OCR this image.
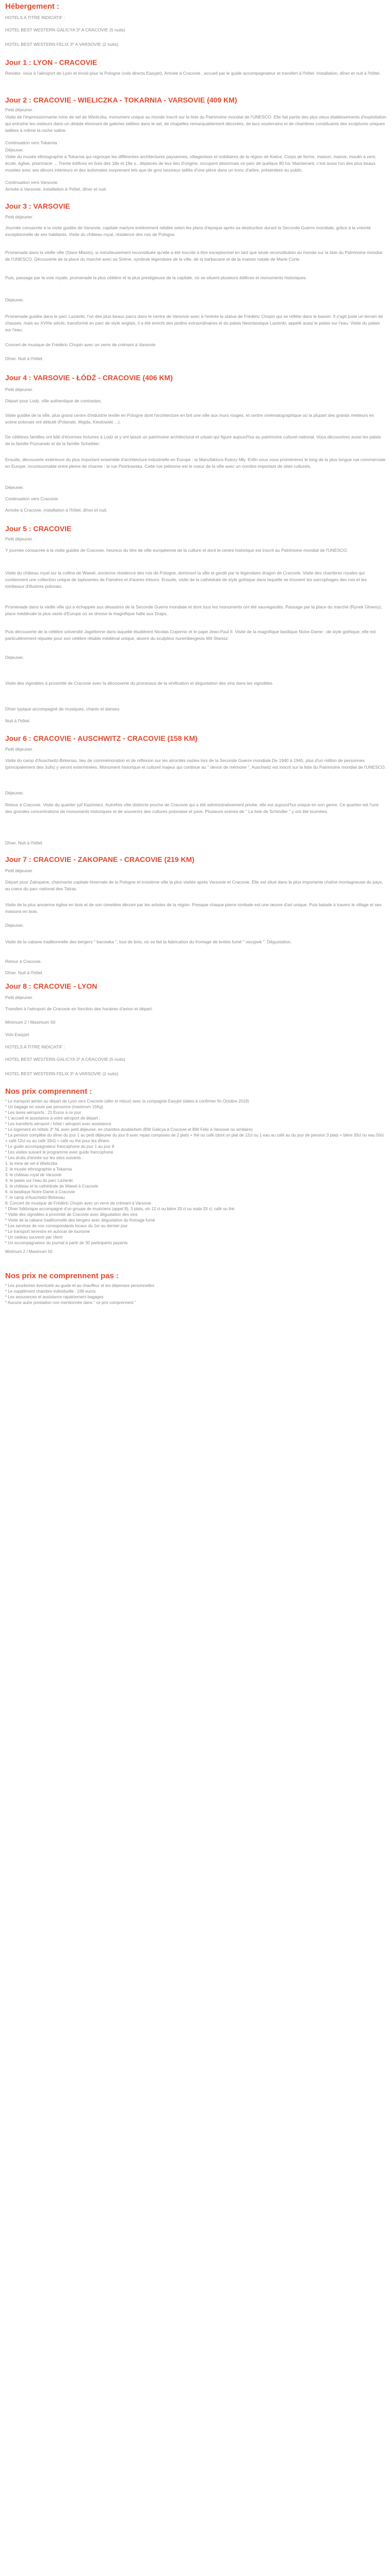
Hébergement :

HOTELS A TITRE INDICATIF :

HOTEL BEST WESTERN GALICYA 3* A CRACOVIE (5 nuits)

HOTEL BEST WESTERN FELIX 3* A VARSOVIE (2 nuits)

Jour 1 : LYON - CRACOVIE

Rendez- vous à l'aéroport de Lyon et envol pour la Pologne (vols directs Easyjet). Arrivée à Cracovie , accueil par le guide accompagnateur et transfert à l'hôtel. Installation, dîner et nuit à l'hôtel.

Jour 2 : CRACOVIE - WIELICZKA - TOKARNIA - VARSOVIE (409 KM)

Petit déjeuner.

Visite de l'impressionnante mine de sel de Wieliczka, monument unique au monde inscrit sur la liste du Patrimoine mondial de l'UNESCO. Elle fait partie des plus vieux établissements d'exploitation qui entraîne les visiteurs dans un dédale étonnant de galeries taillées dans le sel, de chapelles remarquablement décorées, de lacs souterrains et de chambres constituants des sculptures uniques taillées à même la roche saline.

Continuation vers Tokarnia

Déjeuner.

Visite du musée ethnographie a Tokarnia qui regroupe les différentes architectures paysannes, villageoises et nobiliaires de la région de Kielce. Corps de ferme, maison, manoir, moulin à vent, école, église, pharmacie ... Trente édifices en bois des 18e et 19e s., déplacés de leur lieu d'origine, occupent désormais ce parc de quelque 80 ha. Maintenant, c'est aussi l'un des plus beaux musées avec ses décors intérieurs et des automates surprenant tels que de gros taureaux taillés d'une pièce dans un tronc d'arbre, présentées au public.

Continuation vers Varsovie.

Arrivée à Varsovie, installation à l'hôtel, dîner et nuit.

Jour 3 : VARSOVIE

Petit déjeuner.

Journée consacrée à la visite guidée de Varsovie, capitale martyre entièrement rebâtie selon les plans d'époque après sa destruction durant la Seconde Guerre mondiale, grâce à la volonté exceptionnelle de ses habitants. Visite du château royal, résidence des rois de Pologne.

Promenade dans la vieille ville (Stare Miasto), si minutieusement reconstituée qu'elle a été inscrite à titre exceptionnel en tant que seule reconstitution au monde sur la liste du Patrimoine mondial de l'UNESCO. Découverte de la place du marché avec sa Sirène, symbole légendaire de la ville, de la barbacane et de la maison natale de Marie Curie.

Puis, passage par la voie royale, promenade la plus célèbre et la plus prestigieuse de la capitale, où se situent plusieurs édifices et monuments historiques.

Déjeuner.

Promenade guidée dans le parc Lazienki, l'un des plus beaux parcs dans le centre de Varsovie avec à l'entrée la statue de Frédéric Chopin qui se reflète dans le bassin. Il s'agit juste un terrain de chasses, mais au XVIIIe siècle, transformé en parc de style anglais, il a été enrichi des jardins extraordinaires et du palais Neoclassique Lazienki, appelé aussi le palais sur l'eau. Visite du palais sur l'eau.

Concert de musique de Frédéric Chopin avec un verre de crémant à Varsovie

Dîner. Nuit à l'hôtel.

Jour 4 : VARSOVIE - ŁÓDŹ - CRACOVIE (406 KM)

Petit déjeuner.

Départ pour Lodz, ville authentique de contrastes.

Visite guidée de la ville, plus grand centre d'industrie textile en Pologne dont l'architecture en brit une ville aux murs rouges, et centre cinématographique où la plupart des grands metteurs en scène polonais ont débuté (Polanski, Wajda, Kieslowski ...).

De célèbres familles ont bâti d'énormes fortunes à Lodz et y ont laissé un patrimoine architectural et urbain qui figure aujourd'hui au patrimoine culturel national. Vous découvrirez aussi les palais de la famille Poznanski et de la famille Scheibler.

Ensuite, découverte extérieure du plus important ensemble d'architecture industrielle en Europe : la Manufaktura Ksiezy Mły. Enfin vous vous promènerez le long de la plus longue rue commerciale en Europe, incontournable entre pleine de charme : la rue Piotrkowska. Cette rue piétonne est le coeur de la ville avec un nombre important de sites culturels.

Déjeuner.

Continuation vers Cracovie.

Arrivée à Cracovie, installation à l'hôtel, dîner et nuit.

Jour 5 : CRACOVIE

Petit déjeuner.

Y journée consacrée à la visite guidée de Cracovie, heureux du titre de ville européenne de la culture et dont le centre historique est inscrit au Patrimoine mondial de l'UNESCO.

Visite du château royal sur la colline de Wawel, ancienne résidence des rois de Pologne, dominant la ville et gardé par le légendaire dragon de Cracovie. Visite des chambres royales qui contiennent une collection unique de tapisseries de Flandres et d'autres trésors. Ensuite, visite de la cathédrale de style gothique dans laquelle se trouvent les sarcophages des rois et les tombeaux d'illustres polonais.

Promenade dans la vieille ville qui a échappée aux désastres de la Seconde Guerre mondiale et dont tous les monuments ont été sauvegardés. Passage par la place du marché (Rynek Glowny), place médiévale la plus vaste d'Europe où se dresse la magnifique halle aux Draps.

Puis découverte de la célèbre université Jagellonne dans laquelle étudièrent Nicolas Copernic et le pape Jean-Paul II. Visite de la magnifique basilique Notre-Dame : de style gothique, elle est particulièrement réputée pour son célèbre rétable médiéval unique, œuvre du sculpteur nurembergeois Wit Stwosz.

Déjeuner.

Visite des vignobles à proximité de Cracovie avec la découverte du processus de la vinification et dégustation des vins dans les vignobles.

Dîner typique accompagné de musiques, chants et danses.

Nuit à l'hôtel.

Jour 6 : CRACOVIE - AUSCHWITZ - CRACOVIE (158 KM)

Petit déjeuner.

Visite du camp d'Auschwitz-Birkenau, lieu de commémoration et de réflexion sur les atrocités nazies lors de la Seconde Guerre mondiale.De 1940 à 1945, plus d'un million de personnes (principalement des Juifs) y seront exterminées. Monument historique et culturel majeur qui continue au " devoir de mémoire ", Auschwitz est inscrit sur la liste du Patrimoine mondial de l'UNESCO.

Déjeuner.

Retour à Cracovie. Visite du quartier juif Kazimierz. Autrefois ville distincte proche de Cracovie qui a été administrativement privée, elle est aujourd'hui unique en son genre. Ce quartier est l'une des grandes concentrations de monuments historiques et de souvenirs des cultures polonaise et juive. Plusieurs scènes de " La liste de Schindler " y ont été tournées.

Dîner. Nuit à l'hôtel.

Jour 7 : CRACOVIE - ZAKOPANE - CRACOVIE (219 KM)

Petit déjeuner.

Départ pour Zakopane, charmante capitale hivernale de la Pologne et troisième ville la plus visitée après Varsovie et Cracovie. Elle est situé dans la plus importante chaîne montagneuse du pays, au coeur du parc national des Tatras.

Visite de la plus ancienne église en bois et de son cimetière décoré par les artistes de la région. Presque chaque pierre tombale est une œuvre d'art unique. Puis balade à travers le village et ses maisons en bois.

Déjeuner.

Visite de la cabane traditionnelle des bergers " bacowka ", tout de bois, où se fait la fabrication du fromage de brebis fumé " oscypek ". Dégustation.

Retour à Cracovie.

Dîner. Nuit à l'hôtel.

Jour 8 : CRACOVIE - LYON

Petit déjeuner.

Transfert à l'aéroport de Cracovie en fonction des horaires d'avion et départ.

Minimum 2 / Maximum 50

Vols Easyjet

HOTELS A TITRE INDICATIF :

HOTEL BEST WESTERN GALICYA 3* A CRACOVIE (5 nuits)

HOTEL BEST WESTERN FELIX 3* A VARSOVIE (2 nuits)

Nos prix comprennent :

* Le transport aérien au départ de Lyon vers Cracovie (aller et retour) avec la compagnie Easyjet (dates à confirmer fin Octobre 2019)

* Un bagage en soute par personne (maximum 15Kg)

* Les taxes aéroports : 21 Euros à ce jour

* L'accueil et assistance à votre aéroport de départ ;

* Les transferts aéroport / hôtel / aéroport avec assistance

* Le logement en hôtels 3* NL avec petit déjeuner, en chambre double/twin (BW Galicya à Cracovie et BW Felix à Varsovie ou similaire)

* La pension complète du dîner du jour 1 au petit déjeuner du jour 8 avec repas composés de 2 plats + thé ou café (dont un plat de 12cl ou 1 eau au café au du jour de pension 3 plats + bière 33cl ou eau 50cl + café 12cl ou au café 33cl) + café ou thé pour les dîners

* Le guide accompagnateur francophone du jour 1 au jour 8

* Les visites suivant le programme avec guide francophone

* Les droits d'entrée sur les sites suivants :

1. la mine de sel à Wieliczka

2. le musée ethnographie a Tokarnia

3. le château royal de Varsovie

4. le palais sur l'eau du parc Lazienki

5. le château et la cathédrale de Wawel à Cracovie

6. la basilique Notre-Dame à Cracovie

7. le camp d'Auschwitz-Birkenau

8. Concert de musique de Frédéric Chopin avec un verre de crémant à Varsovie

* Dîner folklorique accompagné d'un groupe de musiciens (appel 8), 3 plats, vin 12 cl ou bière 33 cl ou soda 33 cl, café ou thé

* Visite des vignobles à proximité de Cracovie avec dégustation des vins

* Visite de la cabane traditionnelle des bergers avec dégustation du fromage fumé

* Les services de nos correspondants locaux du 1er au dernier jour

* Le transport terrestre en autocar de tourisme

* Un cadeau souvenir par client

* Un accompagnateur du journal à partir de 30 participants payants

Minimum 2 / Maximum 50

Nos prix ne comprennent pas :

* Les pourboires éventuels au guide et au chauffeur et les dépenses personnelles

* Le supplément chambre individuelle : 249 euros

* Les assurances et assistance rapatriement bagages

* Aucune autre prestation non mentionnée dans " ce prix comprennent "
